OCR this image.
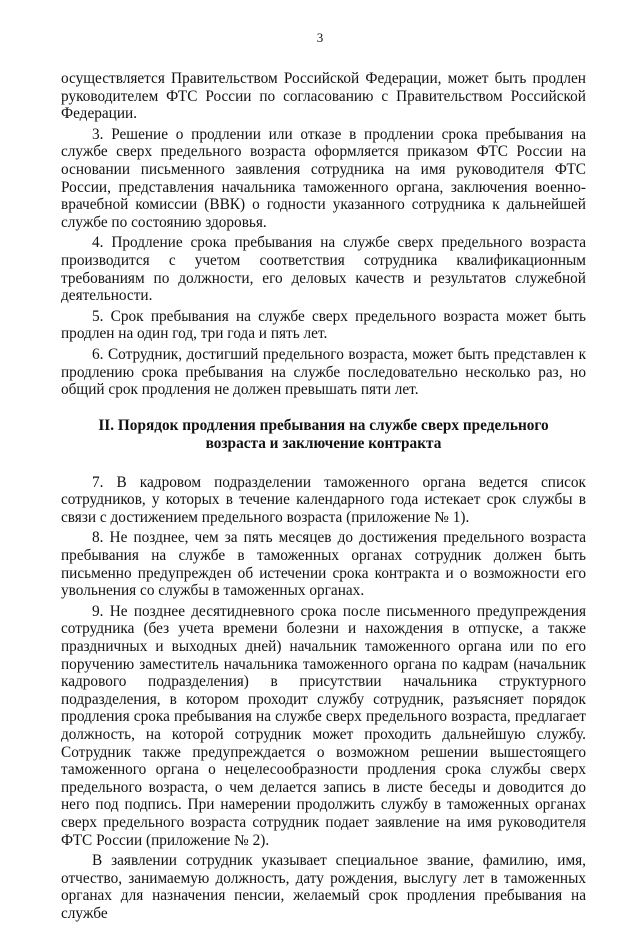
3

осуществляется Правительством Российской Федерации, может быть продлен руководителем ФТС России по согласованию с Правительством Российской Федерации.

3. Решение о продлении или отказе в продлении срока пребывания на службе сверх предельного возраста оформляется приказом ФТС России на основании письменного заявления сотрудника на имя руководителя ФТС России, представления начальника таможенного органа, заключения военно-врачебной комиссии (ВВК) о годности указанного сотрудника к дальнейшей службе по состоянию здоровья.

4. Продление срока пребывания на службе сверх предельного возраста производится с учетом соответствия сотрудника квалификационным требованиям по должности, его деловых качеств и результатов служебной деятельности.

5. Срок пребывания на службе сверх предельного возраста может быть продлен на один год, три года и пять лет.

6. Сотрудник, достигший предельного возраста, может быть представлен к продлению срока пребывания на службе последовательно несколько раз, но общий срок продления не должен превышать пяти лет.

II. Порядок продления пребывания на службе сверх предельного
возраста и заключение контракта

7. В кадровом подразделении таможенного органа ведется список сотрудников, у которых в течение календарного года истекает срок службы в связи с достижением предельного возраста (приложение № 1).

8. Не позднее, чем за пять месяцев до достижения предельного возраста пребывания на службе в таможенных органах сотрудник должен быть письменно предупрежден об истечении срока контракта и о возможности его увольнения со службы в таможенных органах.

9. Не позднее десятидневного срока после письменного предупреждения сотрудника (без учета времени болезни и нахождения в отпуске, а также праздничных и выходных дней) начальник таможенного органа или по его поручению заместитель начальника таможенного органа по кадрам (начальник кадрового подразделения) в присутствии начальника структурного подразделения, в котором проходит службу сотрудник, разъясняет порядок продления срока пребывания на службе сверх предельного возраста, предлагает должность, на которой сотрудник может проходить дальнейшую службу. Сотрудник также предупреждается о возможном решении вышестоящего таможенного органа о нецелесообразности продления срока службы сверх предельного возраста, о чем делается запись в листе беседы и доводится до него под подпись. При намерении продолжить службу в таможенных органах сверх предельного возраста сотрудник подает заявление на имя руководителя ФТС России (приложение № 2).

В заявлении сотрудник указывает специальное звание, фамилию, имя, отчество, занимаемую должность, дату рождения, выслугу лет в таможенных органах для назначения пенсии, желаемый срок продления пребывания на службе
